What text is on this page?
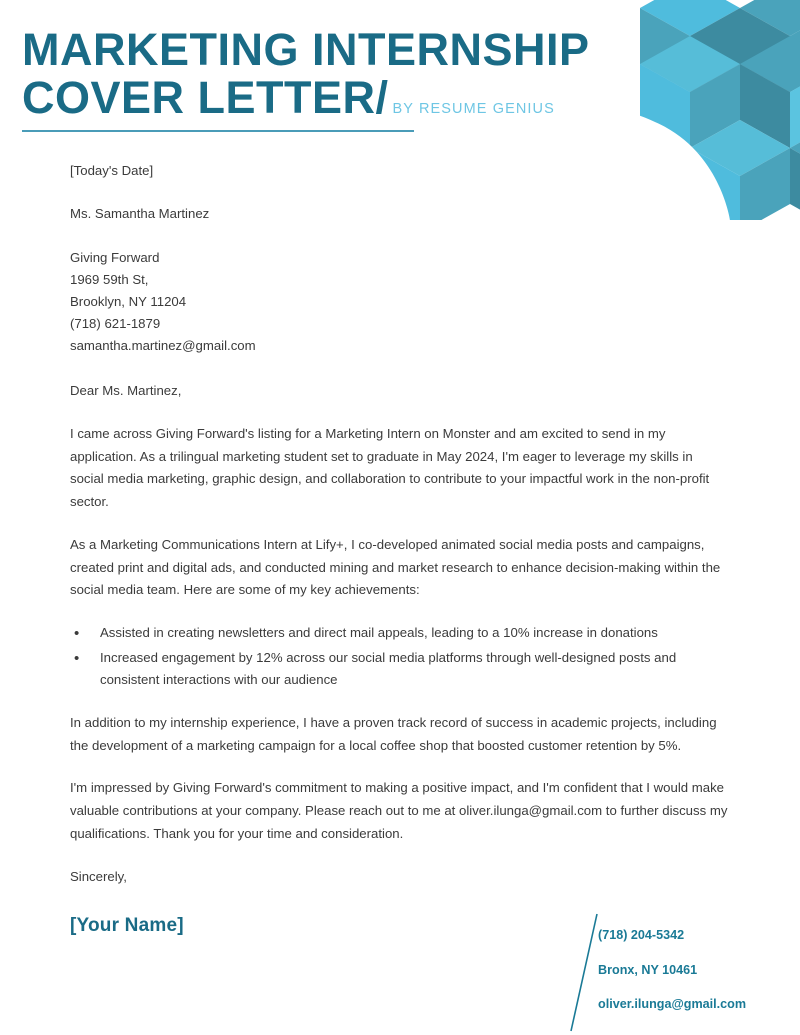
MARKETING INTERNSHIP
COVER LETTER/ BY RESUME GENIUS
[Today's Date]
Ms. Samantha Martinez
Giving Forward
1969 59th St,
Brooklyn, NY 11204
(718) 621-1879
samantha.martinez@gmail.com
Dear Ms. Martinez,
I came across Giving Forward's listing for a Marketing Intern on Monster and am excited to send in my application. As a trilingual marketing student set to graduate in May 2024, I'm eager to leverage my skills in social media marketing, graphic design, and collaboration to contribute to your impactful work in the non-profit sector.
As a Marketing Communications Intern at Lify+, I co-developed animated social media posts and campaigns, created print and digital ads, and conducted mining and market research to enhance decision-making within the social media team. Here are some of my key achievements:
• Assisted in creating newsletters and direct mail appeals, leading to a 10% increase in donations
• Increased engagement by 12% across our social media platforms through well-designed posts and consistent interactions with our audience
In addition to my internship experience, I have a proven track record of success in academic projects, including the development of a marketing campaign for a local coffee shop that boosted customer retention by 5%.
I'm impressed by Giving Forward's commitment to making a positive impact, and I'm confident that I would make valuable contributions at your company. Please reach out to me at oliver.ilunga@gmail.com to further discuss my qualifications. Thank you for your time and consideration.
Sincerely,
[Your Name]	(718) 204-5342
Bronx, NY 10461
oliver.ilunga@gmail.com
